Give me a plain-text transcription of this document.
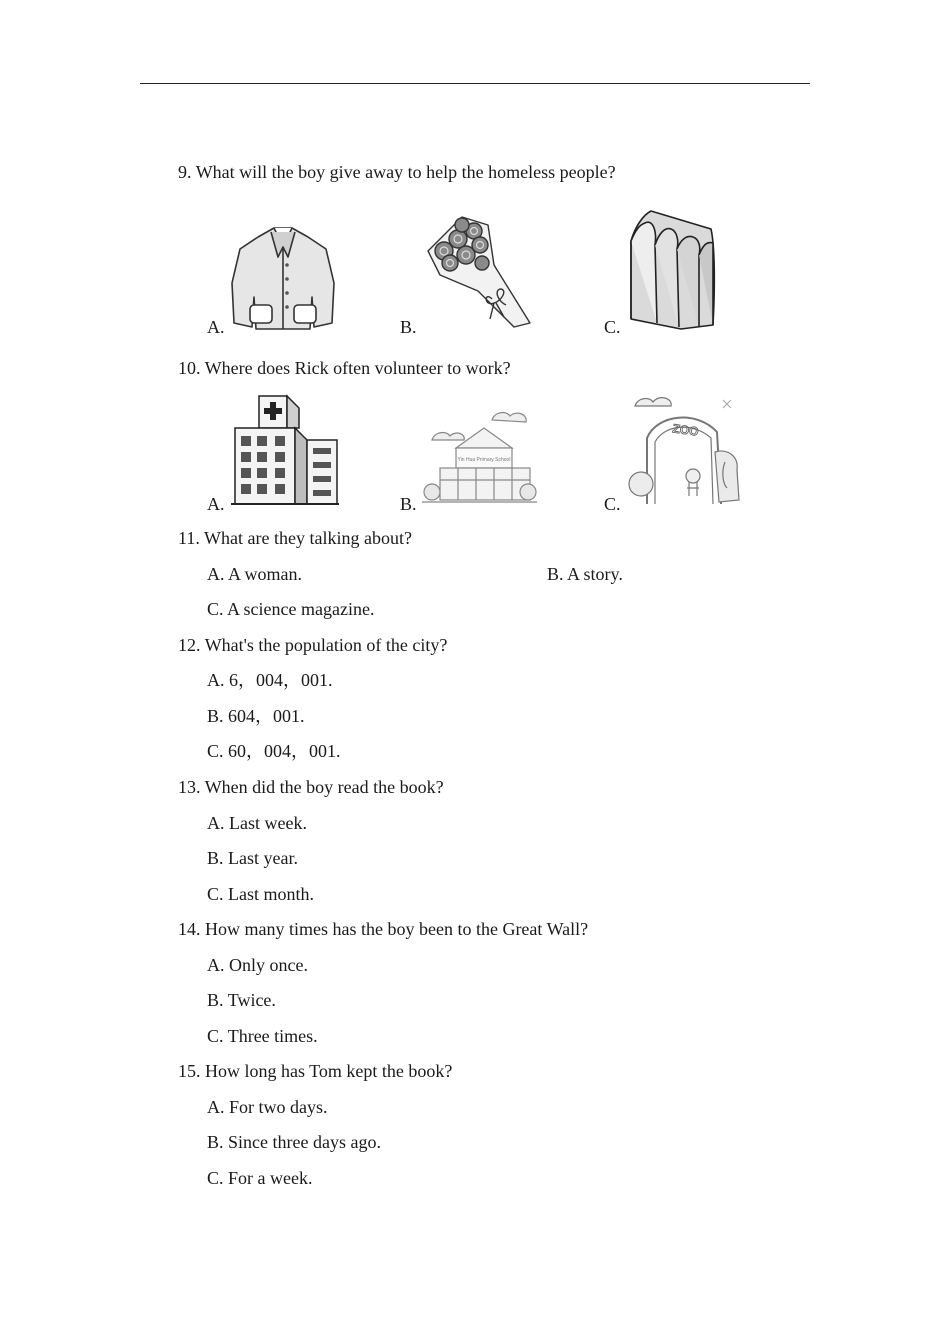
9. What will the boy give away to help the homeless people?
A.	B.	C.
10. Where does Rick often volunteer to work?
A.	B.
Yin Hua Primary School
C.
ZOO
11. What are they talking about?
A. A woman.	B. A story.
C. A science magazine.
12. What's the population of the city?
A. 6，004，001.
B. 604，001.
C. 60，004，001.
13. When did the boy read the book?
A. Last week.
B. Last year.
C. Last month.
14. How many times has the boy been to the Great Wall?
A. Only once.
B. Twice.
C. Three times.
15. How long has Tom kept the book?
A. For two days.
B. Since three days ago.
C. For a week.
